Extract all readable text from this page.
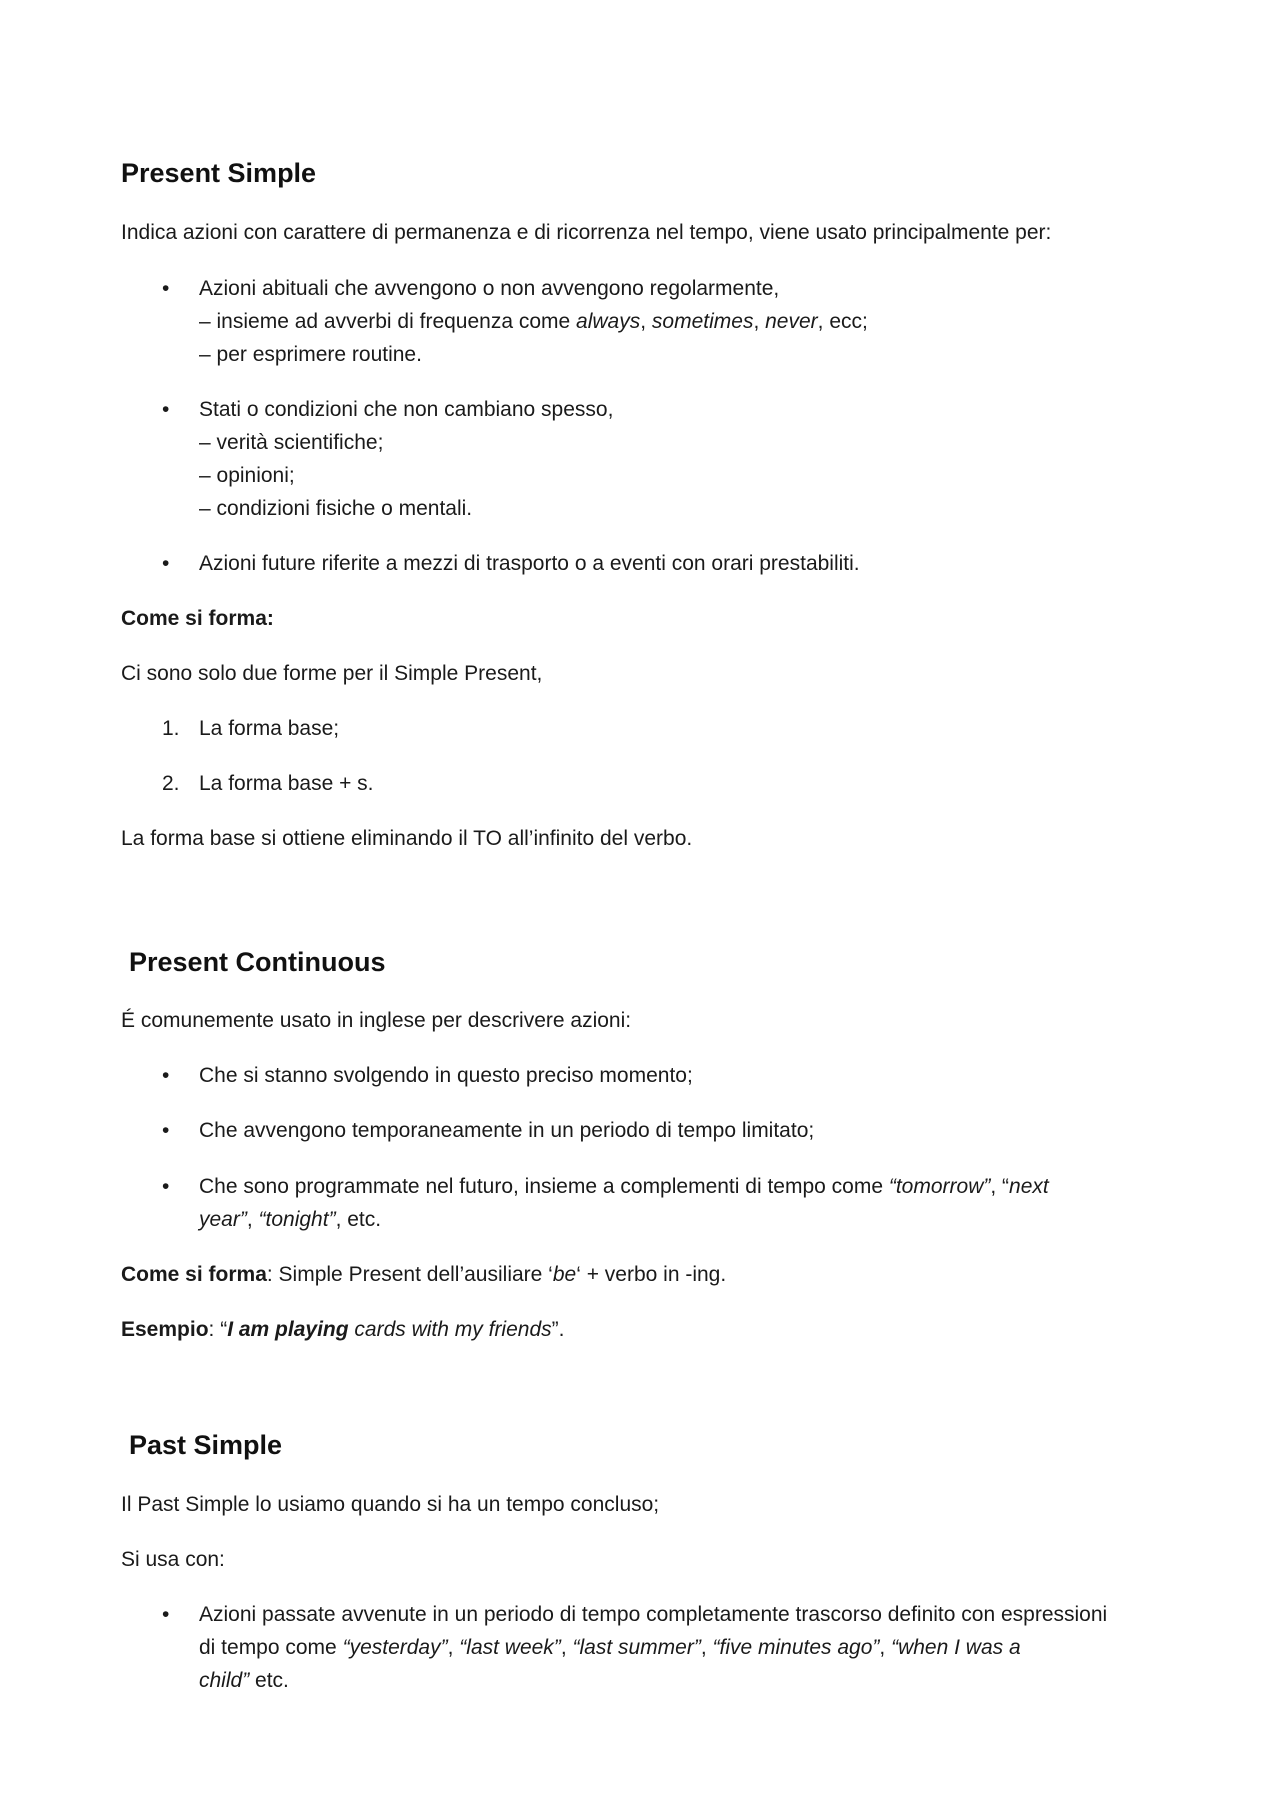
Present Simple
Indica azioni con carattere di permanenza e di ricorrenza nel tempo, viene usato principalmente per:
• Azioni abituali che avvengono o non avvengono regolarmente,
– insieme ad avverbi di frequenza come always, sometimes, never, ecc;
– per esprimere routine.
• Stati o condizioni che non cambiano spesso,
– verità scientifiche;
– opinioni;
– condizioni fisiche o mentali.
• Azioni future riferite a mezzi di trasporto o a eventi con orari prestabiliti.
Come si forma:
Ci sono solo due forme per il Simple Present,
1. La forma base;
2. La forma base + s.
La forma base si ottiene eliminando il TO all’infinito del verbo.
Present Continuous
É comunemente usato in inglese per descrivere azioni:
• Che si stanno svolgendo in questo preciso momento;
• Che avvengono temporaneamente in un periodo di tempo limitato;
• Che sono programmate nel futuro, insieme a complementi di tempo come “tomorrow”, “next
year”, “tonight”, etc.
Come si forma: Simple Present dell’ausiliare ‘be‘ + verbo in -ing.
Esempio: “I am playing cards with my friends”.
Past Simple
Il Past Simple lo usiamo quando si ha un tempo concluso;
Si usa con:
• Azioni passate avvenute in un periodo di tempo completamente trascorso definito con espressioni
di tempo come “yesterday”, “last week”, “last summer”, “five minutes ago”, “when I was a
child” etc.
